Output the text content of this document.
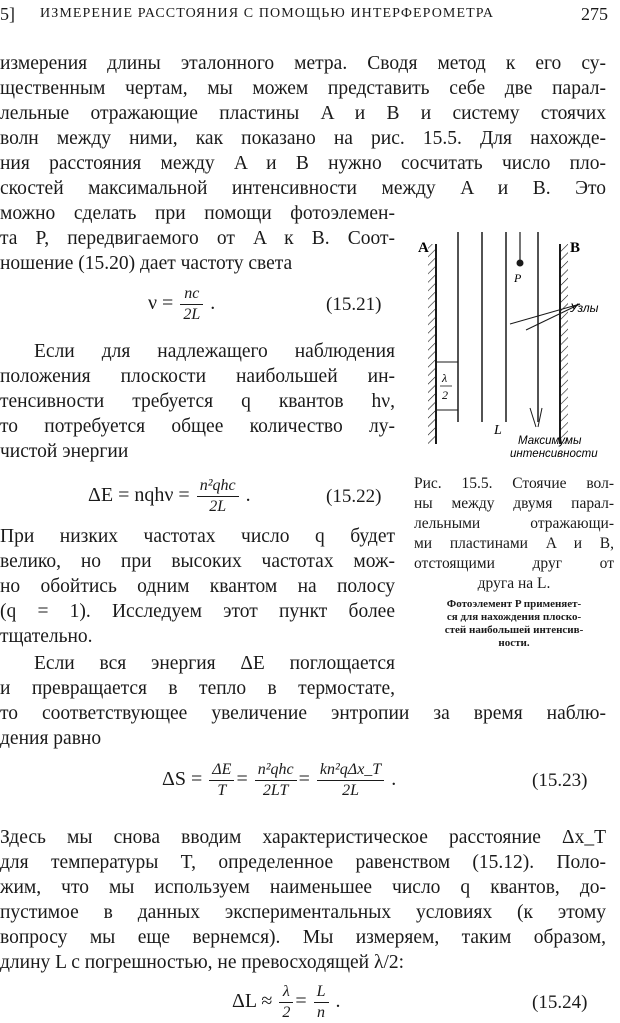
5] ИЗМЕРЕНИЕ РАССТОЯНИЯ С ПОМОЩЬЮ ИНТЕРФЕРОМЕТРА	275
измерения длины эталонного метра. Сводя метод к его су-
щественным чертам, мы можем представить себе две парал-
лельные отражающие пластины A и B и систему стоячих
волн между ними, как показано на рис. 15.5. Для нахожде-
ния расстояния между A и B нужно сосчитать число пло-
скостей максимальной интенсивности между A и B. Это
можно сделать при помощи фотоэлемен-
та P, передвигаемого от A к B. Соот-
ношение (15.20) дает частоту света
$\nu = \frac{nc}{2L}$ .	(15.21)
Если для надлежащего наблюдения
положения плоскости наибольшей ин-
тенсивности требуется q квантов hν,
то потребуется общее количество лу-
чистой энергии
$\Delta E = nqh\nu = \frac{\text{n²qhc}}{2L}$ .	(15.22)
При низких частотах число q будет
велико, но при высоких частотах мож-
но обойтись одним квантом на полосу
(q = 1). Исследуем этот пункт более
тщательно.
Если вся энергия ΔE поглощается
и превращается в тепло в термостате,
то соответствующее увеличение энтропии за время наблю-
дения равно
$\Delta S = \frac{\Delta E}{T} = \frac{\text{n²qhc}}{2LT} = \frac{\text{kn²qΔx\_T}}{2L}$ .	(15.23)
Здесь мы снова вводим характеристическое расстояние Δx_T
для температуры T, определенное равенством (15.12). Поло-
жим, что мы используем наименьшее число q квантов, до-
пустимое в данных экспериментальных условиях (к этому
вопросу мы еще вернемся). Мы измеряем, таким образом,
длину L с погрешностью, не превосходящей λ/2:
$\Delta L \approx \frac{\lambda}{2} = \frac{L}{n}$ .	(15.24)
A	B
P
Узлы
λ
2
L
Максимумы
интенсивности
Рис. 15.5. Стоячие вол-
ны между двумя парал-
лельными отражающи-
ми пластинами A и B,
отстоящими друг от
друга на L.
Фотоэлемент P применяет-
ся для нахождения плоско-
стей наибольшей интенсив-
ности.
